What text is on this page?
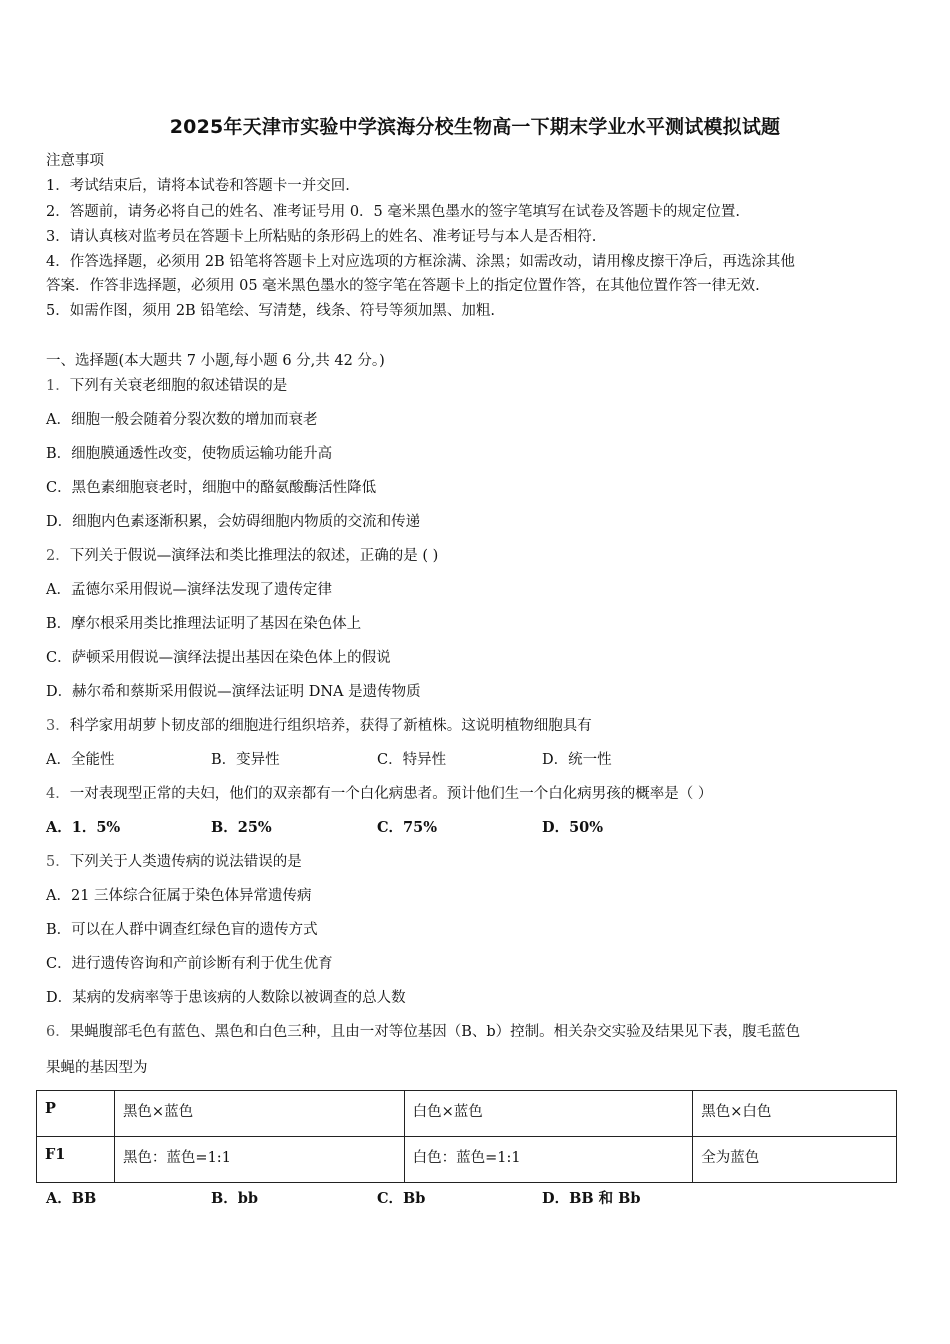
2025年天津市实验中学滨海分校生物高一下期末学业水平测试模拟试题
注意事项
1．考试结束后，请将本试卷和答题卡一并交回.
2．答题前，请务必将自己的姓名、准考证号用 0．5 毫米黑色墨水的签字笔填写在试卷及答题卡的规定位置.
3．请认真核对监考员在答题卡上所粘贴的条形码上的姓名、准考证号与本人是否相符.
4．作答选择题，必须用 2B 铅笔将答题卡上对应选项的方框涂满、涂黑；如需改动，请用橡皮擦干净后，再选涂其他
答案．作答非选择题，必须用 05 毫米黑色墨水的签字笔在答题卡上的指定位置作答，在其他位置作答一律无效.
5．如需作图，须用 2B 铅笔绘、写清楚，线条、符号等须加黑、加粗.
一、选择题(本大题共 7 小题,每小题 6 分,共 42 分。)
1．下列有关衰老细胞的叙述错误的是
A．细胞一般会随着分裂次数的增加而衰老
B．细胞膜通透性改变，使物质运输功能升高
C．黑色素细胞衰老时，细胞中的酪氨酸酶活性降低
D．细胞内色素逐渐积累，会妨碍细胞内物质的交流和传递
2．下列关于假说—演绎法和类比推理法的叙述，正确的是 ( )
A．孟德尔采用假说—演绎法发现了遗传定律
B．摩尔根采用类比推理法证明了基因在染色体上
C．萨顿采用假说—演绎法提出基因在染色体上的假说
D．赫尔希和蔡斯采用假说—演绎法证明 DNA 是遗传物质
3．科学家用胡萝卜韧皮部的细胞进行组织培养，获得了新植株。这说明植物细胞具有
A．全能性	B．变异性	C．特异性	D．统一性
4．一对表现型正常的夫妇，他们的双亲都有一个白化病患者。预计他们生一个白化病男孩的概率是（ ）
A．1．5%	B．25%	C．75%	D．50%
5．下列关于人类遗传病的说法错误的是
A．21 三体综合征属于染色体异常遗传病
B．可以在人群中调查红绿色盲的遗传方式
C．进行遗传咨询和产前诊断有利于优生优育
D．某病的发病率等于患该病的人数除以被调查的总人数
6．果蝇腹部毛色有蓝色、黑色和白色三种，且由一对等位基因（B、b）控制。相关杂交实验及结果见下表，腹毛蓝色
果蝇的基因型为
P	黑色×蓝色	白色×蓝色	黑色×白色
F1	黑色：蓝色=1:1	白色：蓝色=1:1	全为蓝色
A．BB	B．bb	C．Bb	D．BB 和 Bb
